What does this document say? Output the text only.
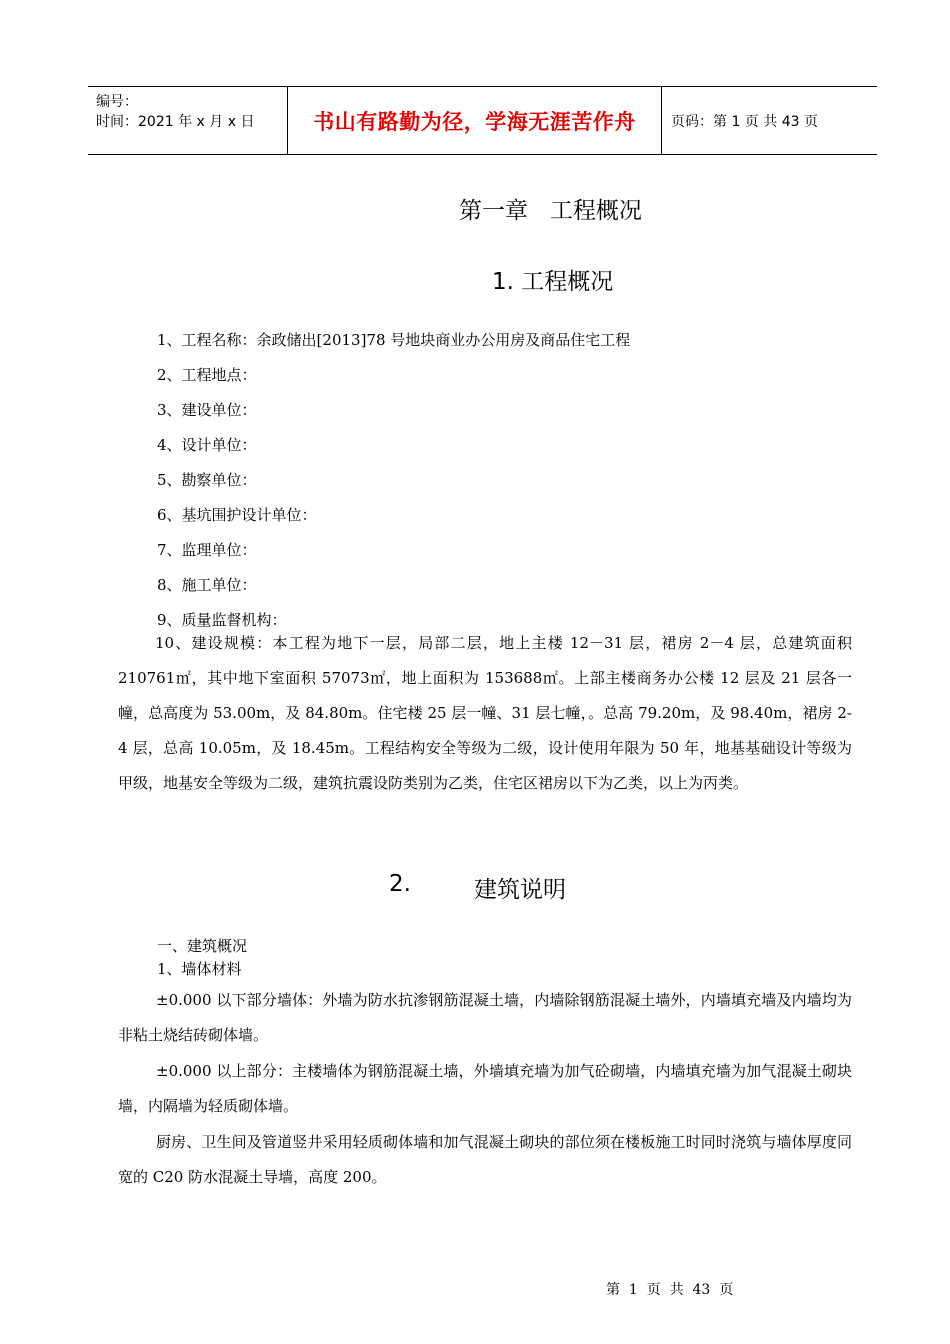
编号：
时间：2021 年 x 月 x 日	书山有路勤为径，学海无涯苦作舟	页码：第 1 页 共 43 页
第一章   工程概况
1. 工程概况
1、工程名称：余政储出[2013]78 号地块商业办公用房及商品住宅工程
2、工程地点：
3、建设单位：
4、设计单位：
5、勘察单位：
6、基坑围护设计单位：
7、监理单位：
8、施工单位：
9、质量监督机构：
10、建设规模：本工程为地下一层，局部二层，地上主楼 12－31 层，裙房 2－4 层，总建筑面积 210761㎡，其中地下室面积 57073㎡，地上面积为 153688㎡。上部主楼商务办公楼 12 层及 21 层各一幢，总高度为 53.00m，及 84.80m。住宅楼 25 层一幢、31 层七幢，。总高 79.20m，及 98.40m，裙房 2-4 层，总高 10.05m，及 18.45m。工程结构安全等级为二级，设计使用年限为 50 年，地基基础设计等级为甲级，地基安全等级为二级，建筑抗震设防类别为乙类，住宅区裙房以下为乙类，以上为丙类。
2.	建筑说明
一、建筑概况
1、墙体材料
±0.000 以下部分墙体：外墙为防水抗渗钢筋混凝土墙，内墙除钢筋混凝土墙外，内墙填充墙及内墙均为非粘土烧结砖砌体墙。
±0.000 以上部分：主楼墙体为钢筋混凝土墙，外墙填充墙为加气砼砌墙，内墙填充墙为加气混凝土砌块墙，内隔墙为轻质砌体墙。
厨房、卫生间及管道竖井采用轻质砌体墙和加气混凝土砌块的部位须在楼板施工时同时浇筑与墙体厚度同宽的 C20 防水混凝土导墙，高度 200。
第  1  页  共  43  页
